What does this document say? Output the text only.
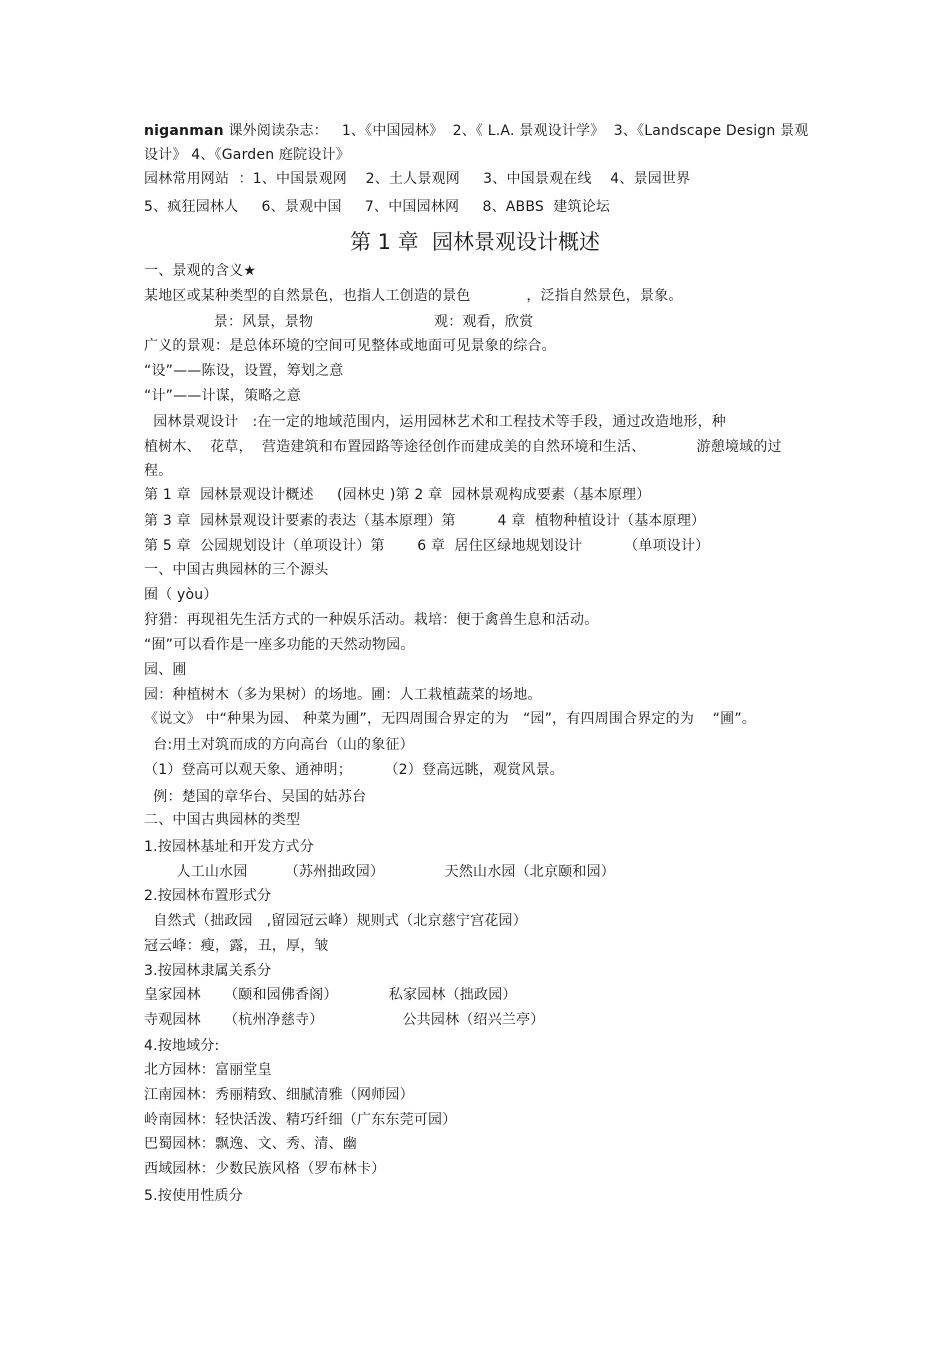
niganman 课外阅读杂志：   1、《中国园林》  2、《 L.A. 景观设计学》  3、《Landscape Design 景观
设计》 4、《Garden 庭院设计》
园林常用网站  ：1、中国景观网    2、土人景观网     3、中国景观在线    4、景园世界
5、疯狂园林人     6、景观中国     7、中国园林网     8、ABBS  建筑论坛
第 1 章  园林景观设计概述
一、景观的含义★
某地区或某种类型的自然景色，也指人工创造的景色            ，泛指自然景色，景象。
景：风景，景物                          观：观看，欣赏
广义的景观：是总体环境的空间可见整体或地面可见景象的综合。
“设”——陈设，设置，筹划之意
“计”——计谋，策略之意
园林景观设计   :在一定的地域范围内，运用园林艺术和工程技术等手段，通过改造地形，种
植树木、  花草，  营造建筑和布置园路等途径创作而建成美的自然环境和生活、           游憩境域的过
程。
第 1 章  园林景观设计概述     (园林史 )第 2 章  园林景观构成要素（基本原理）
第 3 章  园林景观设计要素的表达（基本原理）第         4 章  植物种植设计（基本原理）
第 5 章  公园规划设计（单项设计）第       6 章  居住区绿地规划设计         （单项设计）
一、中国古典园林的三个源头
囿（ yòu）
狩猎：再现祖先生活方式的一种娱乐活动。栽培：便于禽兽生息和活动。
“囿”可以看作是一座多功能的天然动物园。
园、圃
园：种植树木（多为果树）的场地。圃：人工栽植蔬菜的场地。
《说文》 中“种果为园、 种菜为圃”，无四周围合界定的为   “园”，有四周围合界定的为    “圃”。
台:用土对筑而成的方向高台（山的象征）
（1）登高可以观天象、通神明；       （2）登高远眺，观赏风景。
例：楚国的章华台、吴国的姑苏台
二、中国古典园林的类型
1.按园林基址和开发方式分
人工山水园        （苏州拙政园）             天然山水园（北京颐和园）
2.按园林布置形式分
自然式（拙政园   ,留园冠云峰）规则式（北京慈宁宫花园）
冠云峰：瘦，露，丑，厚，皱
3.按园林隶属关系分
皇家园林     （颐和园佛香阁）           私家园林（拙政园）
寺观园林     （杭州净慈寺）                 公共园林（绍兴兰亭）
4.按地域分:
北方园林：富丽堂皇
江南园林：秀丽精致、细腻清雅（网师园）
岭南园林：轻快活泼、精巧纤细（广东东莞可园）
巴蜀园林：飘逸、文、秀、清、幽
西域园林：少数民族风格（罗布林卡）
5.按使用性质分
